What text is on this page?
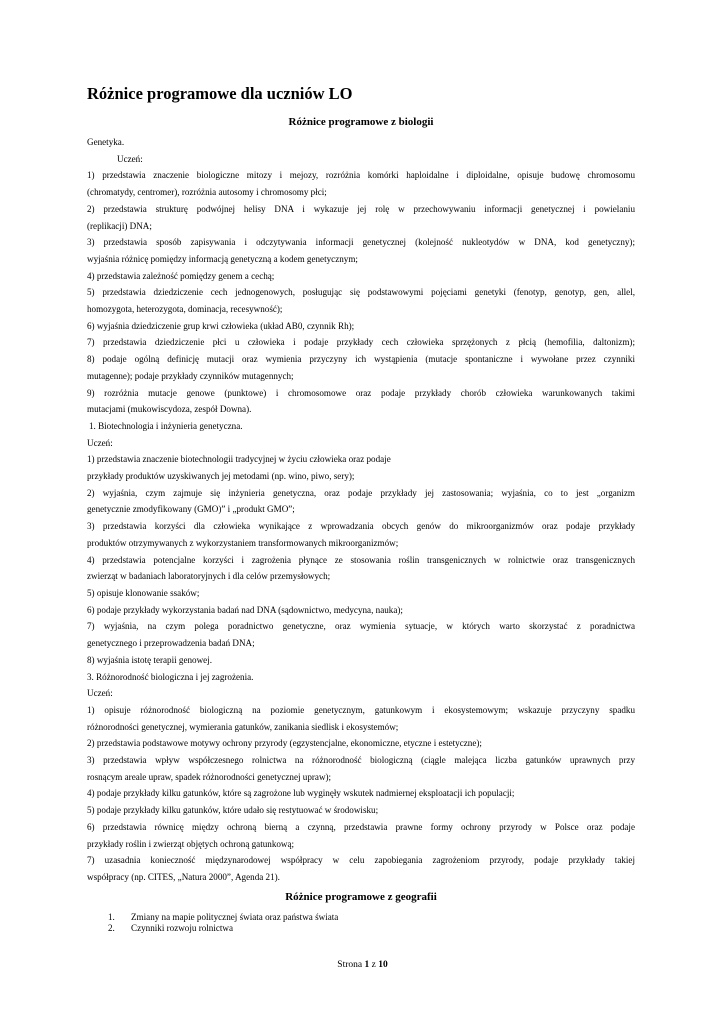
Różnice programowe dla uczniów LO
Różnice programowe z biologii

Genetyka.

Uczeń:

1) przedstawia znaczenie biologiczne mitozy i mejozy, rozróżnia komórki haploidalne i diploidalne, opisuje budowę chromosomu

(chromatydy, centromer), rozróżnia autosomy i chromosomy płci;

2) przedstawia strukturę podwójnej helisy DNA i wykazuje jej rolę w przechowywaniu informacji genetycznej i powielaniu

(replikacji) DNA;

3) przedstawia sposób zapisywania i odczytywania informacji genetycznej (kolejność nukleotydów w DNA, kod genetyczny);

wyjaśnia różnicę pomiędzy informacją genetyczną a kodem genetycznym;

4) przedstawia zależność pomiędzy genem a cechą;

5) przedstawia dziedziczenie cech jednogenowych, posługując się podstawowymi pojęciami genetyki (fenotyp, genotyp, gen, allel,

homozygota, heterozygota, dominacja, recesywność);

6) wyjaśnia dziedziczenie grup krwi człowieka (układ AB0, czynnik Rh);

7) przedstawia dziedziczenie płci u człowieka i podaje przykłady cech człowieka sprzężonych z płcią (hemofilia, daltonizm);

8) podaje ogólną definicję mutacji oraz wymienia przyczyny ich wystąpienia (mutacje spontaniczne i wywołane przez czynniki

mutagenne); podaje przykłady czynników mutagennych;

9) rozróżnia mutacje genowe (punktowe) i chromosomowe oraz podaje przykłady chorób człowieka warunkowanych takimi

mutacjami (mukowiscydoza, zespół Downa).

1. Biotechnologia i inżynieria genetyczna.

Uczeń:

1) przedstawia znaczenie biotechnologii tradycyjnej w życiu człowieka oraz podaje

przykłady produktów uzyskiwanych jej metodami (np. wino, piwo, sery);

2) wyjaśnia, czym zajmuje się inżynieria genetyczna, oraz podaje przykłady jej zastosowania; wyjaśnia, co to jest „organizm

genetycznie zmodyfikowany (GMO)” i „produkt GMO”;

3) przedstawia korzyści dla człowieka wynikające z wprowadzania obcych genów do mikroorganizmów oraz podaje przykłady

produktów otrzymywanych z wykorzystaniem transformowanych mikroorganizmów;

4) przedstawia potencjalne korzyści i zagrożenia płynące ze stosowania roślin transgenicznych w rolnictwie oraz transgenicznych

zwierząt w badaniach laboratoryjnych i dla celów przemysłowych;

5) opisuje klonowanie ssaków;

6) podaje przykłady wykorzystania badań nad DNA (sądownictwo, medycyna, nauka);

7) wyjaśnia, na czym polega poradnictwo genetyczne, oraz wymienia sytuacje, w których warto skorzystać z poradnictwa

genetycznego i przeprowadzenia badań DNA;

8) wyjaśnia istotę terapii genowej.

3. Różnorodność biologiczna i jej zagrożenia.

Uczeń:

1) opisuje różnorodność biologiczną na poziomie genetycznym, gatunkowym i ekosystemowym; wskazuje przyczyny spadku

różnorodności genetycznej, wymierania gatunków, zanikania siedlisk i ekosystemów;

2) przedstawia podstawowe motywy ochrony przyrody (egzystencjalne, ekonomiczne, etyczne i estetyczne);

3) przedstawia wpływ współczesnego rolnictwa na różnorodność biologiczną (ciągle malejąca liczba gatunków uprawnych przy

rosnącym areale upraw, spadek różnorodności genetycznej upraw);

4) podaje przykłady kilku gatunków, które są zagrożone lub wyginęły wskutek nadmiernej eksploatacji ich populacji;

5) podaje przykłady kilku gatunków, które udało się restytuować w środowisku;

6) przedstawia równicę między ochroną bierną a czynną, przedstawia prawne formy ochrony przyrody w Polsce oraz podaje

przykłady roślin i zwierząt objętych ochroną gatunkową;

7) uzasadnia konieczność międzynarodowej współpracy w celu zapobiegania zagrożeniom przyrody, podaje przykłady takiej

współpracy (np. CITES, „Natura 2000”, Agenda 21).

Różnice programowe z geografii
1. Zmiany na mapie politycznej świata oraz państwa świata
2. Czynniki rozwoju rolnictwa
Strona 1 z 10
